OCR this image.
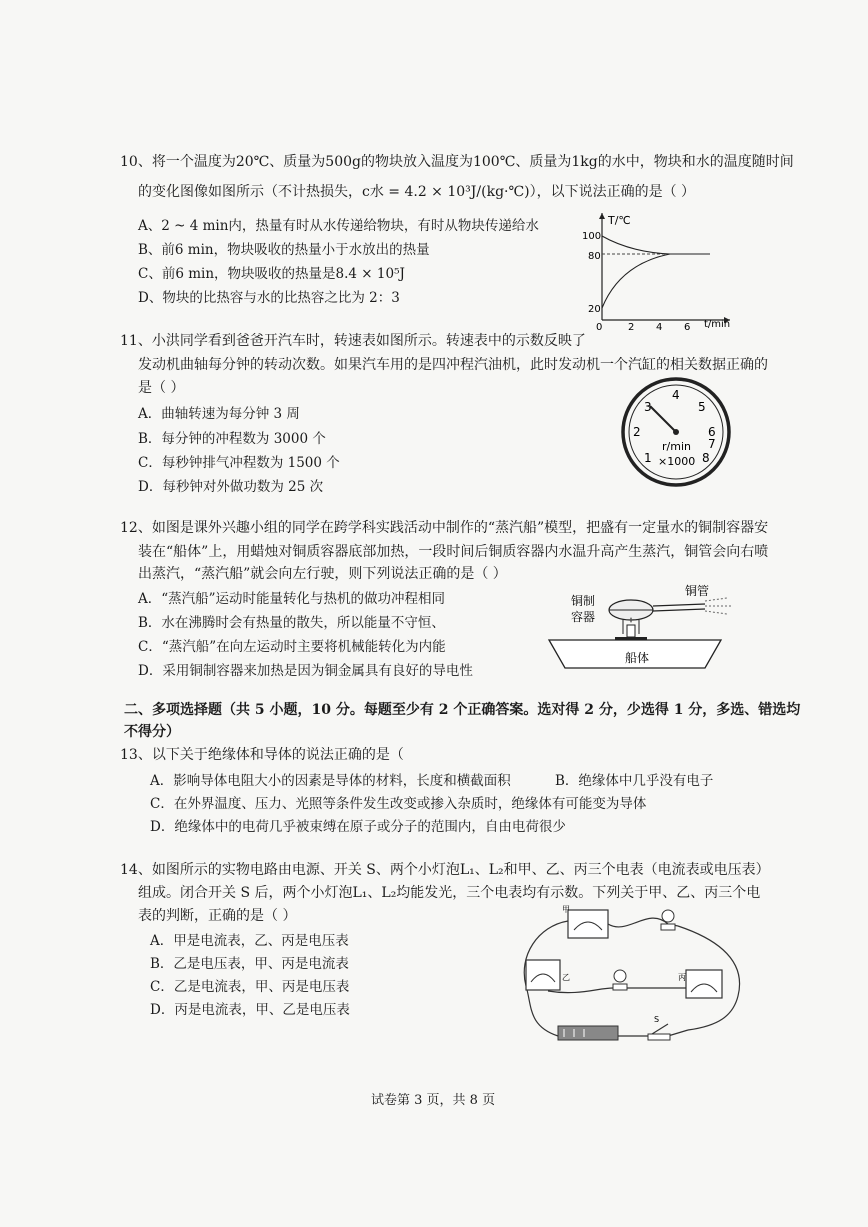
10、将一个温度为20℃、质量为500g的物块放入温度为100℃、质量为1kg的水中，物块和水的温度随时间
的变化图像如图所示（不计热损失，c水 = 4.2 × 10³J/(kg·℃)），以下说法正确的是（ ）
A、2 ~ 4 min内，热量有时从水传递给物块，有时从物块传递给水
B、前6 min，物块吸收的热量小于水放出的热量
C、前6 min，物块吸收的热量是8.4 × 10⁵J
D、物块的比热容与水的比热容之比为 2：3
T/℃
t/min
100
80
20
0	2 4 6
11、小洪同学看到爸爸开汽车时，转速表如图所示。转速表中的示数反映了
发动机曲轴每分钟的转动次数。如果汽车用的是四冲程汽油机，此时发动机一个汽缸的相关数据正确的
是（ ）
A．曲轴转速为每分钟 3 周
B．每分钟的冲程数为 3000 个
C．每秒钟排气冲程数为 1500 个
D．每秒钟对外做功数为 25 次
1
2
3
4
5
6
7
8
r/min
×1000
12、如图是课外兴趣小组的同学在跨学科实践活动中制作的“蒸汽船”模型，把盛有一定量水的铜制容器安
装在“船体”上，用蜡烛对铜质容器底部加热，一段时间后铜质容器内水温升高产生蒸汽，铜管会向右喷
出蒸汽，“蒸汽船”就会向左行驶，则下列说法正确的是（ ）
A．“蒸汽船”运动时能量转化与热机的做功冲程相同
B．水在沸腾时会有热量的散失，所以能量不守恒、
C．“蒸汽船”在向左运动时主要将机械能转化为内能
D．采用铜制容器来加热是因为铜金属具有良好的导电性
铜管
铜制
容器
船体
二、多项选择题（共 5 小题，10 分。每题至少有 2 个正确答案。选对得 2 分，少选得 1 分，多选、错选均
不得分）
13、以下关于绝缘体和导体的说法正确的是（
A．影响导体电阻大小的因素是导体的材料，长度和横截面积	B．绝缘体中几乎没有电子
C．在外界温度、压力、光照等条件发生改变或掺入杂质时，绝缘体有可能变为导体
D．绝缘体中的电荷几乎被束缚在原子或分子的范围内，自由电荷很少
14、如图所示的实物电路由电源、开关 S、两个小灯泡L₁、L₂和甲、乙、丙三个电表（电流表或电压表）
组成。闭合开关 S 后，两个小灯泡L₁、L₂均能发光，三个电表均有示数。下列关于甲、乙、丙三个电
表的判断，正确的是（ ）
A．甲是电流表，乙、丙是电压表
B．乙是电压表，甲、丙是电流表
C．乙是电流表，甲、丙是电压表
D．丙是电流表，甲、乙是电压表
甲
乙	丙
S
试卷第 3 页，共 8 页
